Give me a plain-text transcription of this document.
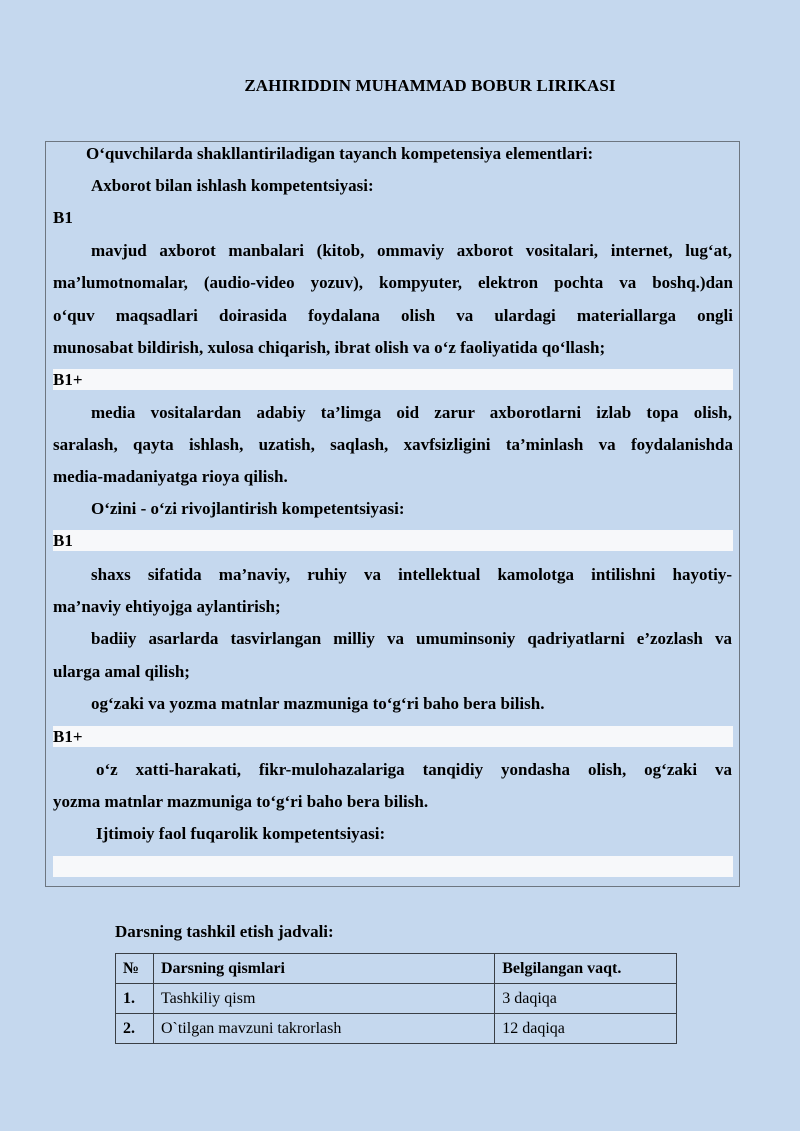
ZAHIRIDDIN MUHAMMAD BOBUR LIRIKASI
O‘quvchilarda shakllantiriladigan tayanch kompetensiya elementlari:
Axborot bilan ishlash kompetentsiyasi:
B1
mavjud axborot manbalari (kitob, ommaviy axborot vositalari, internet, lug‘at,
ma’lumotnomalar, (audio-video yozuv), kompyuter, elektron pochta va boshq.)dan
o‘quv maqsadlari doirasida foydalana olish va ulardagi materiallarga ongli
munosabat bildirish, xulosa chiqarish, ibrat olish va o‘z faoliyatida qo‘llash;
B1+
media vositalardan adabiy ta’limga oid zarur axborotlarni izlab topa olish,
saralash, qayta ishlash, uzatish, saqlash, xavfsizligini ta’minlash va foydalanishda
media-madaniyatga rioya qilish.
O‘zini - o‘zi rivojlantirish kompetentsiyasi:
B1
shaxs sifatida ma’naviy, ruhiy va intellektual kamolotga intilishni hayotiy-
ma’naviy ehtiyojga aylantirish;
badiiy asarlarda tasvirlangan milliy va umuminsoniy qadriyatlarni e’zozlash va
ularga amal qilish;
og‘zaki va yozma matnlar mazmuniga to‘g‘ri baho bera bilish.
B1+
o‘z xatti-harakati, fikr-mulohazalariga tanqidiy yondasha olish, og‘zaki va
yozma matnlar mazmuniga to‘g‘ri baho bera bilish.
Ijtimoiy faol fuqarolik kompetentsiyasi:
Darsning tashkil etish jadvali:
№	Darsning qismlari	Belgilangan vaqt.
1.	Tashkiliy qism	3 daqiqa
2.	O`tilgan mavzuni takrorlash	12 daqiqa
